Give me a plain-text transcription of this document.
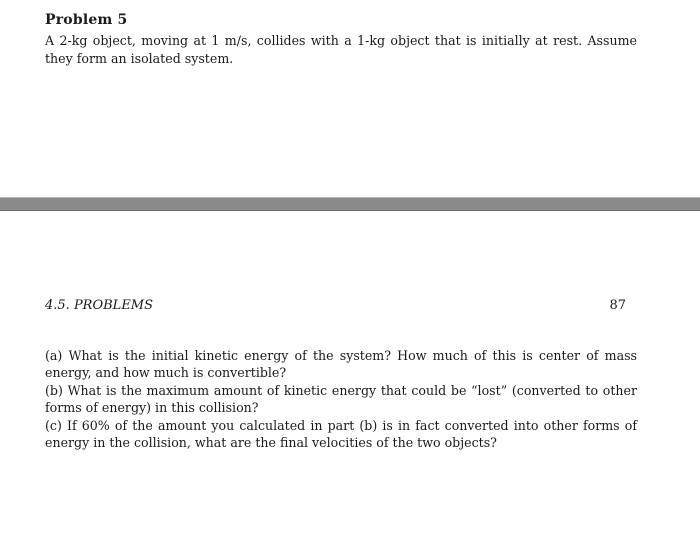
Problem 5
A 2-kg object, moving at 1 m/s, collides with a 1-kg object that is initially at rest. Assume they form an isolated system.
4.5. PROBLEMS	87

(a) What is the initial kinetic energy of the system? How much of this is center of mass energy, and how much is convertible?

(b) What is the maximum amount of kinetic energy that could be “lost” (converted to other forms of energy) in this collision?

(c) If 60% of the amount you calculated in part (b) is in fact converted into other forms of energy in the collision, what are the final velocities of the two objects?
